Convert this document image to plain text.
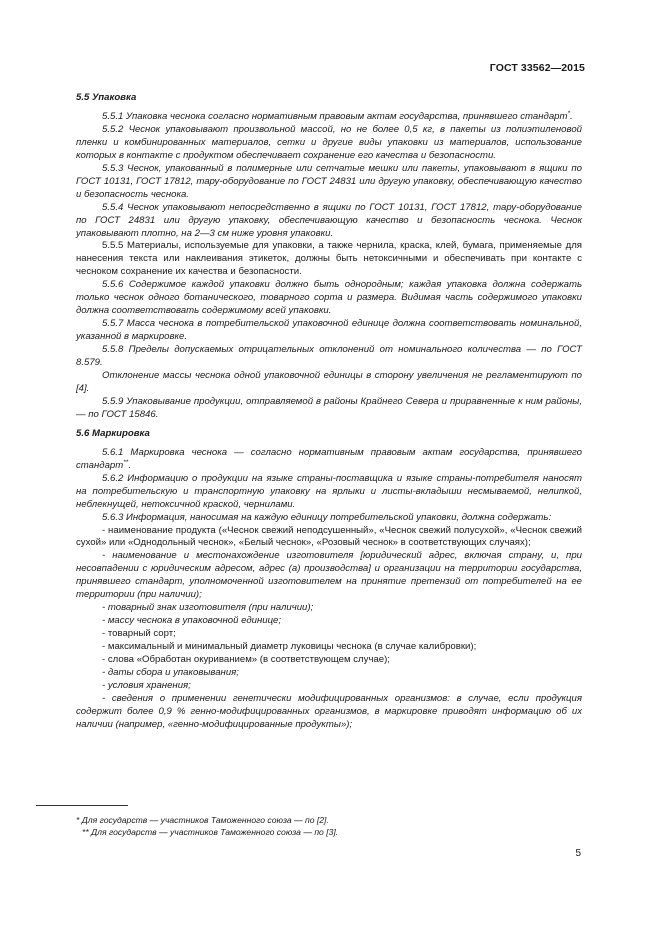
ГОСТ 33562—2015
5.5 Упаковка

5.5.1 Упаковка чеснока согласно нормативным правовым актам государства, принявшего стандарт*.

5.5.2 Чеснок упаковывают произвольной массой, но не более 0,5 кг, в пакеты из полиэтиленовой пленки и комбинированных материалов, сетки и другие виды упаковки из материалов, использование которых в контакте с продуктом обеспечивает сохранение его качества и безопасности.

5.5.3 Чеснок, упакованный в полимерные или сетчатые мешки или пакеты, упаковывают в ящики по ГОСТ 10131, ГОСТ 17812, тару-оборудование по ГОСТ 24831 или другую упаковку, обеспечивающую качество и безопасность чеснока.

5.5.4 Чеснок упаковывают непосредственно в ящики по ГОСТ 10131, ГОСТ 17812, тару-оборудование по ГОСТ 24831 или другую упаковку, обеспечивающую качество и безопасность чеснока. Чеснок упаковывают плотно, на 2—3 см ниже уровня упаковки.

5.5.5 Материалы, используемые для упаковки, а также чернила, краска, клей, бумага, применяемые для нанесения текста или наклеивания этикеток, должны быть нетоксичными и обеспечивать при контакте с чесноком сохранение их качества и безопасности.

5.5.6 Содержимое каждой упаковки должно быть однородным; каждая упаковка должна содержать только чеснок одного ботанического, товарного сорта и размера. Видимая часть содержимого упаковки должна соответствовать содержимому всей упаковки.

5.5.7 Масса чеснока в потребительской упаковочной единице должна соответствовать номинальной, указанной в маркировке.

5.5.8 Пределы допускаемых отрицательных отклонений от номинального количества — по ГОСТ 8.579.

Отклонение массы чеснока одной упаковочной единицы в сторону увеличения не регламентируют по [4].

5.5.9 Упаковывание продукции, отправляемой в районы Крайнего Севера и приравненные к ним районы, — по ГОСТ 15846.

5.6 Маркировка

5.6.1 Маркировка чеснока — согласно нормативным правовым актам государства, принявшего стандарт**.

5.6.2 Информацию о продукции на языке страны-поставщика и языке страны-потребителя наносят на потребительскую и транспортную упаковку на ярлыки и листы-вкладыши несмываемой, нелипкой, неблекнущей, нетоксичной краской, чернилами.

5.6.3 Информация, наносимая на каждую единицу потребительской упаковки, должна содержать:

- наименование продукта («Чеснок свежий неподсушенный», «Чеснок свежий полусухой», «Чеснок свежий сухой» или «Однодольный чеснок», «Белый чеснок», «Розовый чеснок» в соответствующих случаях);

- наименование и местонахождение изготовителя [юридический адрес, включая страну, и, при несовпадении с юридическим адресом, адрес (а) производства] и организации на территории государства, принявшего стандарт, уполномоченной изготовителем на принятие претензий от потребителей на ее территории (при наличии);

- товарный знак изготовителя (при наличии);

- массу чеснока в упаковочной единице;

- товарный сорт;

- максимальный и минимальный диаметр луковицы чеснока (в случае калибровки);

- слова «Обработан окуриванием» (в соответствующем случае);

- даты сбора и упаковывания;

- условия хранения;

- сведения о применении генетически модифицированных организмов: в случае, если продукция содержит более 0,9 % генно-модифицированных организмов, в маркировке приводят информацию об их наличии (например, «генно-модифицированные продукты»);

* Для государств — участников Таможенного союза — по [2].
** Для государств — участников Таможенного союза — по [3].
5
